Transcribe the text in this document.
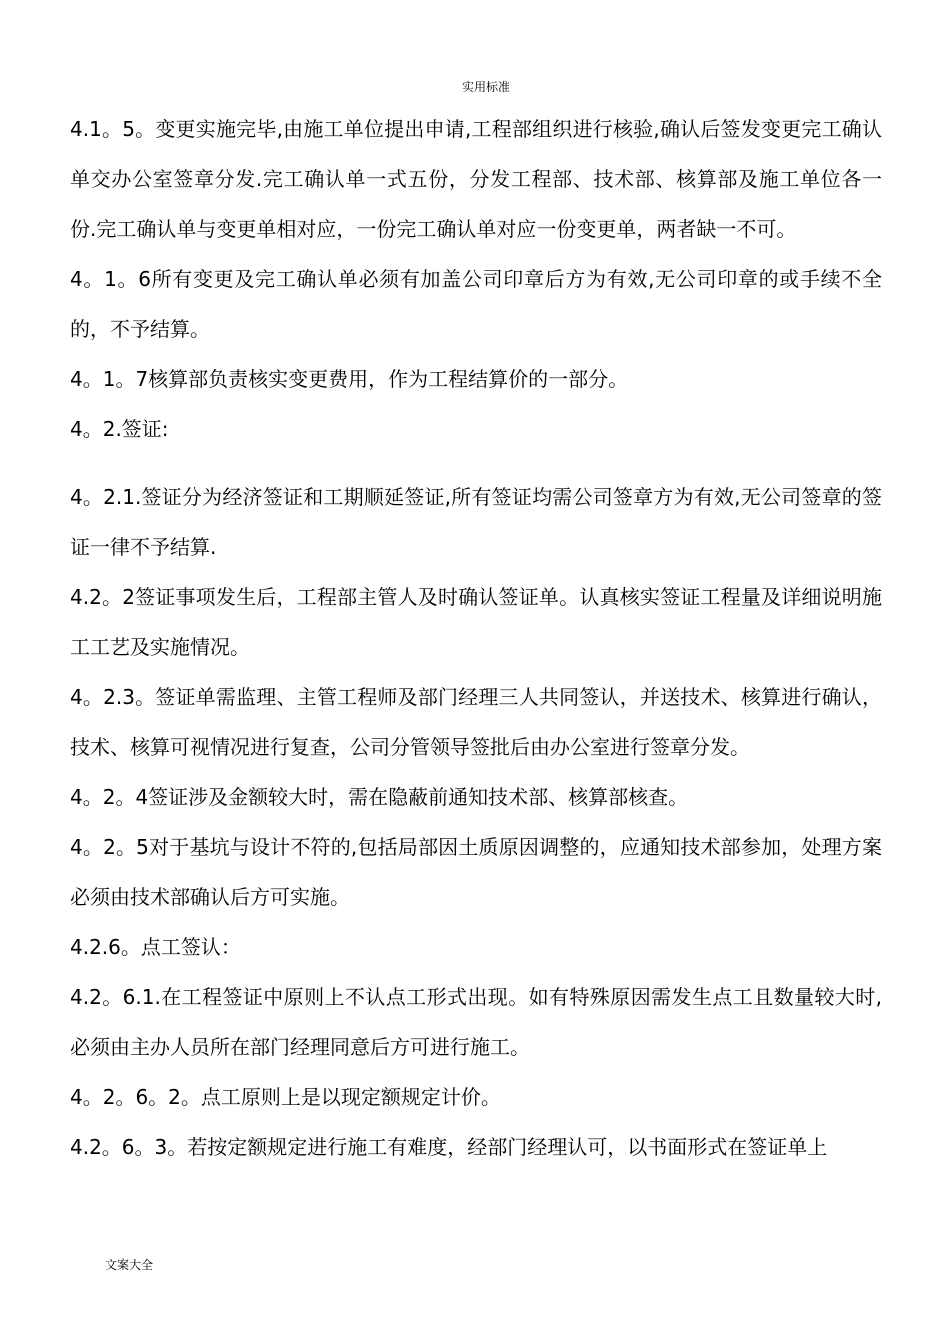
实用标准

4.1。5。变更实施完毕,由施工单位提出申请,工程部组织进行核验,确认后签发变更完工确认单交办公室签章分发.完工确认单一式五份，分发工程部、技术部、核算部及施工单位各一份.完工确认单与变更单相对应，一份完工确认单对应一份变更单，两者缺一不可。

4。1。6所有变更及完工确认单必须有加盖公司印章后方为有效,无公司印章的或手续不全的，不予结算。

4。1。7核算部负责核实变更费用，作为工程结算价的一部分。

4。2.签证:

4。2.1.签证分为经济签证和工期顺延签证,所有签证均需公司签章方为有效,无公司签章的签证一律不予结算.

4.2。2签证事项发生后，工程部主管人及时确认签证单。认真核实签证工程量及详细说明施工工艺及实施情况。

4。2.3。签证单需监理、主管工程师及部门经理三人共同签认，并送技术、核算进行确认，技术、核算可视情况进行复查，公司分管领导签批后由办公室进行签章分发。

4。2。4签证涉及金额较大时，需在隐蔽前通知技术部、核算部核查。

4。2。5对于基坑与设计不符的,包括局部因土质原因调整的，应通知技术部参加，处理方案必须由技术部确认后方可实施。

4.2.6。点工签认：

4.2。6.1.在工程签证中原则上不认点工形式出现。如有特殊原因需发生点工且数量较大时,必须由主办人员所在部门经理同意后方可进行施工。

4。2。6。2。点工原则上是以现定额规定计价。

4.2。6。3。若按定额规定进行施工有难度，经部门经理认可，以书面形式在签证单上

文案大全
